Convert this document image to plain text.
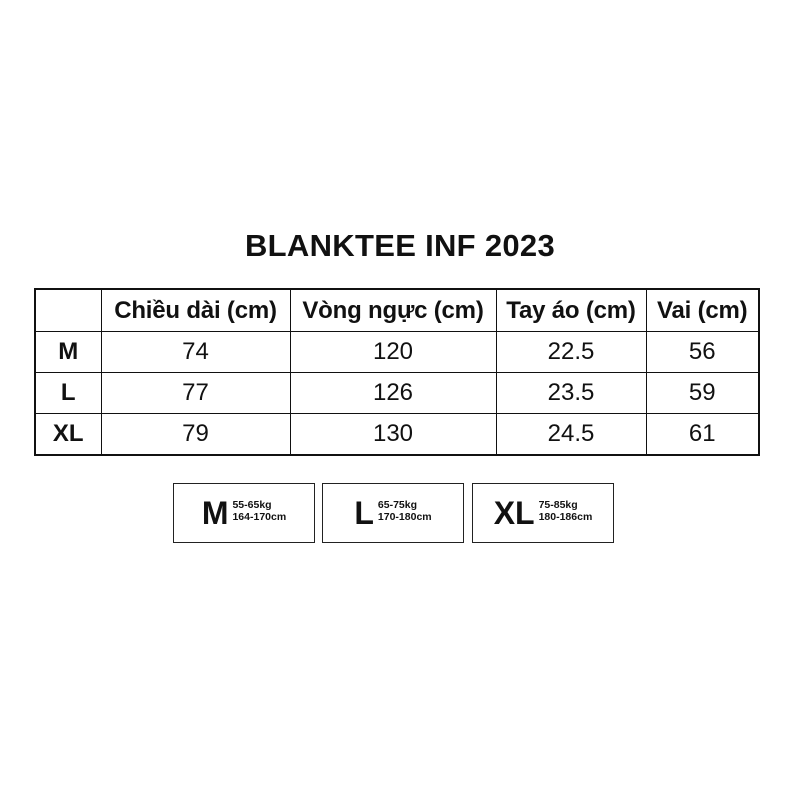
BLANKTEE INF 2023
	Chiều dài (cm)	Vòng ngực (cm)	Tay áo (cm)	Vai (cm)
M	74	120	22.5	56
L	77	126	23.5	59
XL	79	130	24.5	61
M 55-65kg
164-170cm L 65-75kg
170-180cm XL 75-85kg
180-186cm
